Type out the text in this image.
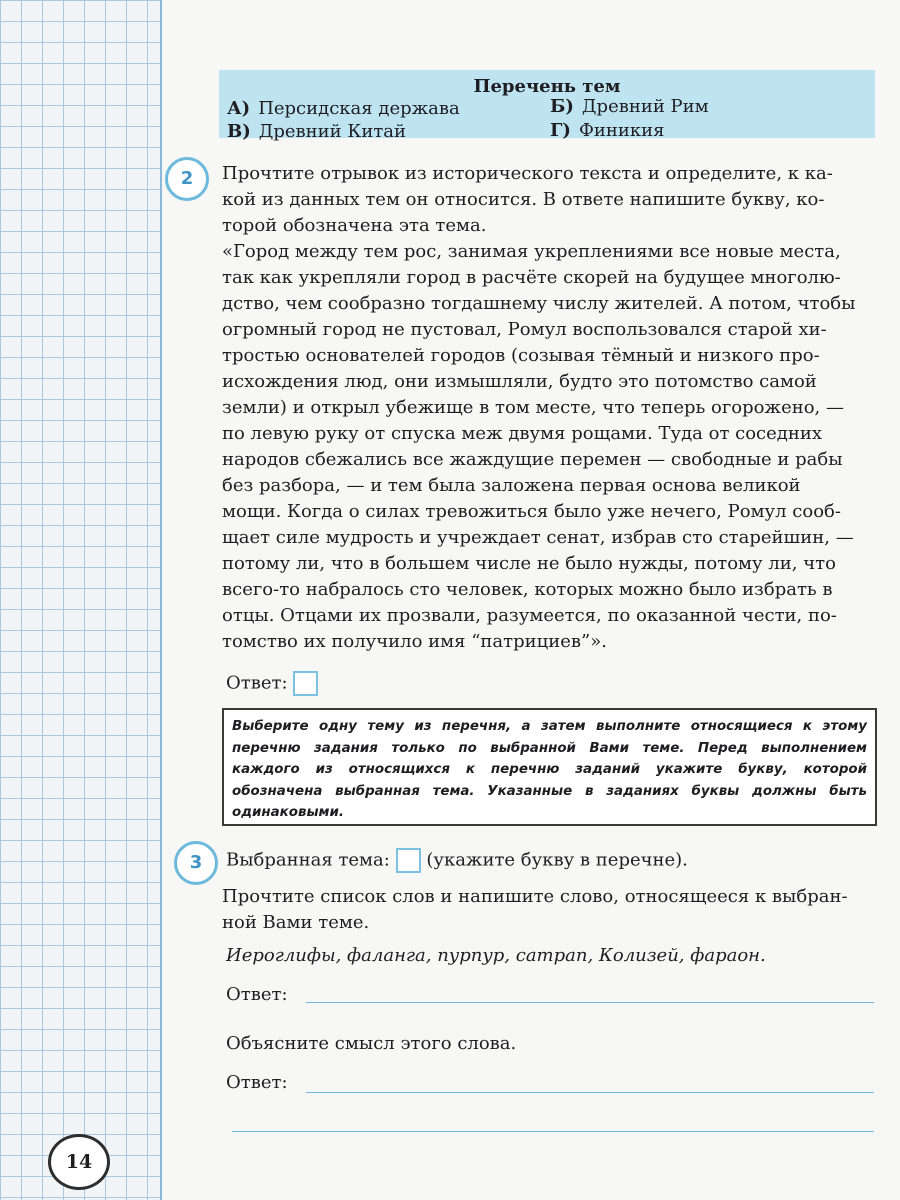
Перечень тем
А) Персидская держава	Б) Древний Рим
В) Древний Китай	Г) Финикия
2	Прочтите отрывок из исторического текста и определите, к ка-
кой из данных тем он относится. В ответе напишите букву, ко-
торой обозначена эта тема.
«Город между тем рос, занимая укреплениями все новые места,
так как укрепляли город в расчёте скорей на будущее многолю-
дство, чем сообразно тогдашнему числу жителей. А потом, чтобы
огромный город не пустовал, Ромул воспользовался старой хи-
тростью основателей городов (созывая тёмный и низкого про-
исхождения люд, они измышляли, будто это потомство самой
земли) и открыл убежище в том месте, что теперь огорожено, —
по левую руку от спуска меж двумя рощами. Туда от соседних
народов сбежались все жаждущие перемен — свободные и рабы
без разбора, — и тем была заложена первая основа великой
мощи. Когда о силах тревожиться было уже нечего, Ромул сооб-
щает силе мудрость и учреждает сенат, избрав сто старейшин, —
потому ли, что в большем числе не было нужды, потому ли, что
всего-то набралось сто человек, которых можно было избрать в
отцы. Отцами их прозвали, разумеется, по оказанной чести, по-
томство их получило имя “патрициев”».
Ответ:
Выберите одну тему из перечня, а затем выполните относящиеся к этому перечню задания только по выбранной Вами теме. Перед выполнением каждого из относящихся к перечню заданий укажите букву, которой обозначена выбранная тема. Указанные в заданиях буквы должны быть одинаковыми.
3	Выбранная тема: (укажите букву в перечне).
Прочтите список слов и напишите слово, относящееся к выбран-
ной Вами теме.
Иероглифы, фаланга, пурпур, сатрап, Колизей, фараон.
Ответ:
Объясните смысл этого слова.
Ответ:
14
